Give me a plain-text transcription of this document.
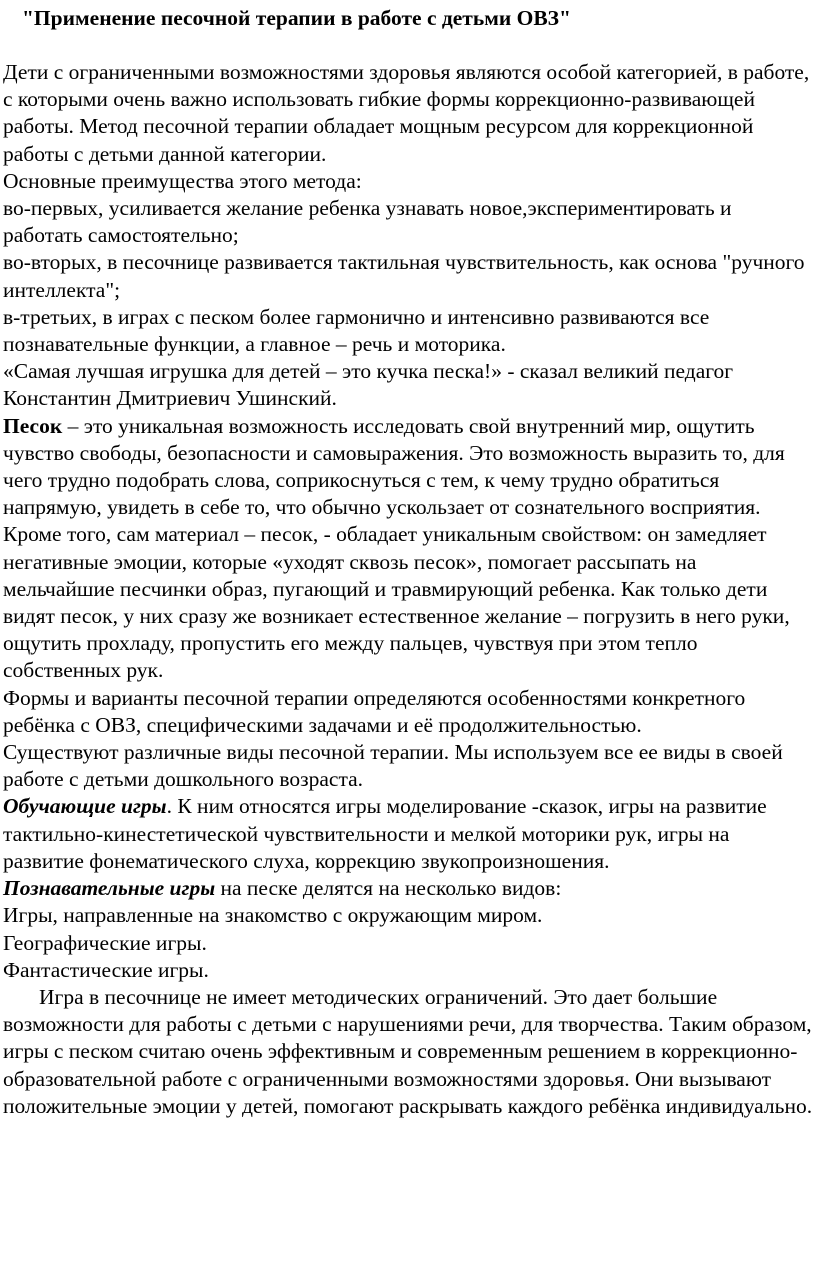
"Применение песочной терапии в работе с детьми ОВЗ"
Дети с ограниченными возможностями здоровья являются особой категорией, в работе, с которыми очень важно использовать гибкие формы коррекционно-развивающей работы. Метод песочной терапии обладает мощным ресурсом для коррекционной работы с детьми данной категории.
Основные преимущества этого метода:
во-первых, усиливается желание ребенка узнавать новое,экспериментировать и работать самостоятельно;
во-вторых, в песочнице развивается тактильная чувствительность, как основа "ручного интеллекта";
в-третьих, в играх с песком более гармонично и интенсивно развиваются все познавательные функции, а главное – речь и моторика.
«Самая лучшая игрушка для детей – это кучка песка!» - сказал великий педагог Константин Дмитриевич Ушинский.
Песок – это уникальная возможность исследовать свой внутренний мир, ощутить чувство свободы, безопасности и самовыражения. Это возможность выразить то, для чего трудно подобрать слова, соприкоснуться с тем, к чему трудно обратиться напрямую, увидеть в себе то, что обычно ускользает от сознательного восприятия. Кроме того, сам материал – песок, - обладает уникальным свойством: он замедляет негативные эмоции, которые «уходят сквозь песок», помогает рассыпать на мельчайшие песчинки образ, пугающий и травмирующий ребенка. Как только дети видят песок, у них сразу же возникает естественное желание – погрузить в него руки, ощутить прохладу, пропустить его между пальцев, чувствуя при этом тепло собственных рук.
Формы и варианты песочной терапии определяются особенностями конкретного ребёнка с ОВЗ, специфическими задачами и её продолжительностью.
Существуют различные виды песочной терапии. Мы используем все ее виды в своей работе с детьми дошкольного возраста.
Обучающие игры. К ним относятся игры моделирование -сказок, игры на развитие тактильно-кинестетической чувствительности и мелкой моторики рук, игры на развитие фонематического слуха, коррекцию звукопроизношения.
Познавательные игры на песке делятся на несколько видов:
Игры, направленные на знакомство с окружающим миром.
Географические игры.
Фантастические игры.
Игра в песочнице не имеет методических ограничений. Это дает большие возможности для работы с детьми с нарушениями речи, для творчества. Таким образом, игры с песком считаю очень эффективным и современным решением в коррекционно-образовательной работе с ограниченными возможностями здоровья. Они вызывают положительные эмоции у детей, помогают раскрывать каждого ребёнка индивидуально.
